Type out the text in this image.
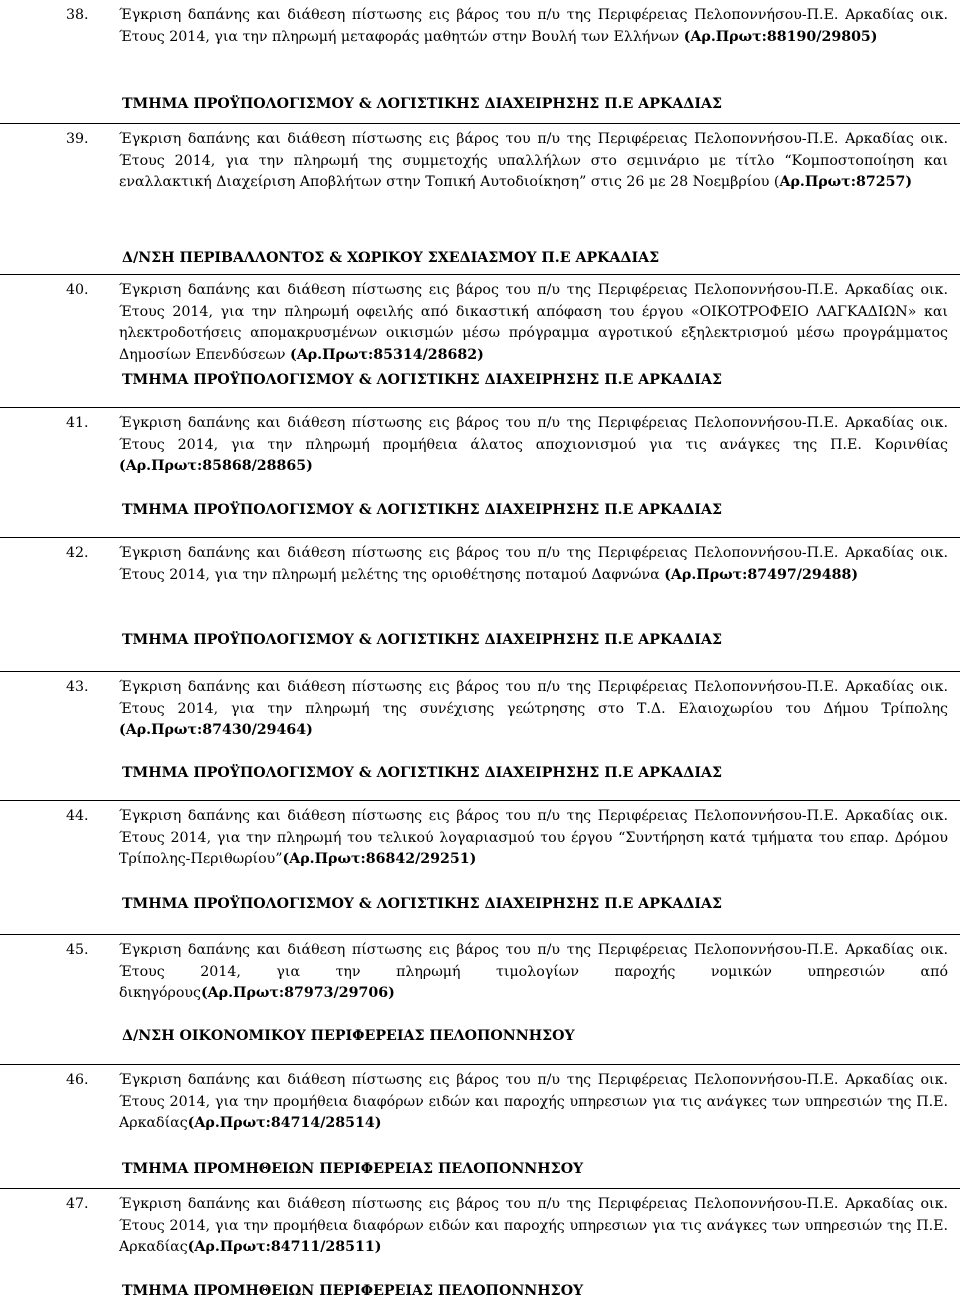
38. Έγκριση δαπάνης και διάθεση πίστωσης εις βάρος του π/υ της Περιφέρειας Πελοποννήσου-Π.Ε. Αρκαδίας οικ. Έτους 2014, για την πληρωμή μεταφοράς μαθητών στην Βουλή των Ελλήνων (Αρ.Πρωτ:88190/29805)

ΤΜΗΜΑ ΠΡΟΫΠΟΛΟΓΙΣΜΟΥ & ΛΟΓΙΣΤΙΚΗΣ ΔΙΑΧΕΙΡΗΣΗΣ Π.Ε ΑΡΚΑΔΙΑΣ
39. Έγκριση δαπάνης και διάθεση πίστωσης εις βάρος του π/υ της Περιφέρειας Πελοποννήσου-Π.Ε. Αρκαδίας οικ. Έτους 2014, για την πληρωμή της συμμετοχής υπαλλήλων στο σεμινάριο με τίτλο “Κομποστοποίηση και εναλλακτική Διαχείριση Αποβλήτων στην Τοπική Αυτοδιοίκηση” στις 26 με 28 Νοεμβρίου (Αρ.Πρωτ:87257)

Δ/ΝΣΗ ΠΕΡΙΒΑΛΛΟΝΤΟΣ & ΧΩΡΙΚΟΥ ΣΧΕΔΙΑΣΜΟΥ Π.Ε ΑΡΚΑΔΙΑΣ
40. Έγκριση δαπάνης και διάθεση πίστωσης εις βάρος του π/υ της Περιφέρειας Πελοποννήσου-Π.Ε. Αρκαδίας οικ. Έτους 2014, για την πληρωμή οφειλής από δικαστική απόφαση του έργου «ΟΙΚΟΤΡΟΦΕΙΟ ΛΑΓΚΑΔΙΩΝ» και ηλεκτροδοτήσεις απομακρυσμένων οικισμών μέσω πρόγραμμα αγροτικού εξηλεκτρισμού μέσω προγράμματος Δημοσίων Επενδύσεων (Αρ.Πρωτ:85314/28682)

ΤΜΗΜΑ ΠΡΟΫΠΟΛΟΓΙΣΜΟΥ & ΛΟΓΙΣΤΙΚΗΣ ΔΙΑΧΕΙΡΗΣΗΣ Π.Ε ΑΡΚΑΔΙΑΣ
41. Έγκριση δαπάνης και διάθεση πίστωσης εις βάρος του π/υ της Περιφέρειας Πελοποννήσου-Π.Ε. Αρκαδίας οικ. Έτους 2014, για την πληρωμή προμήθεια άλατος αποχιονισμού για τις ανάγκες της Π.Ε. Κορινθίας (Αρ.Πρωτ:85868/28865)

ΤΜΗΜΑ ΠΡΟΫΠΟΛΟΓΙΣΜΟΥ & ΛΟΓΙΣΤΙΚΗΣ ΔΙΑΧΕΙΡΗΣΗΣ Π.Ε ΑΡΚΑΔΙΑΣ
42. Έγκριση δαπάνης και διάθεση πίστωσης εις βάρος του π/υ της Περιφέρειας Πελοποννήσου-Π.Ε. Αρκαδίας οικ. Έτους 2014, για την πληρωμή μελέτης της οριοθέτησης ποταμού Δαφνώνα (Αρ.Πρωτ:87497/29488)

ΤΜΗΜΑ ΠΡΟΫΠΟΛΟΓΙΣΜΟΥ & ΛΟΓΙΣΤΙΚΗΣ ΔΙΑΧΕΙΡΗΣΗΣ Π.Ε ΑΡΚΑΔΙΑΣ
43. Έγκριση δαπάνης και διάθεση πίστωσης εις βάρος του π/υ της Περιφέρειας Πελοποννήσου-Π.Ε. Αρκαδίας οικ. Έτους 2014, για την πληρωμή της συνέχισης γεώτρησης στο Τ.Δ. Ελαιοχωρίου του Δήμου Τρίπολης (Αρ.Πρωτ:87430/29464)

ΤΜΗΜΑ ΠΡΟΫΠΟΛΟΓΙΣΜΟΥ & ΛΟΓΙΣΤΙΚΗΣ ΔΙΑΧΕΙΡΗΣΗΣ Π.Ε ΑΡΚΑΔΙΑΣ
44. Έγκριση δαπάνης και διάθεση πίστωσης εις βάρος του π/υ της Περιφέρειας Πελοποννήσου-Π.Ε. Αρκαδίας οικ. Έτους 2014, για την πληρωμή του τελικού λογαριασμού του έργου “Συντήρηση κατά τμήματα του επαρ. Δρόμου Τρίπολης-Περιθωρίου”(Αρ.Πρωτ:86842/29251)

ΤΜΗΜΑ ΠΡΟΫΠΟΛΟΓΙΣΜΟΥ & ΛΟΓΙΣΤΙΚΗΣ ΔΙΑΧΕΙΡΗΣΗΣ Π.Ε ΑΡΚΑΔΙΑΣ
45. Έγκριση δαπάνης και διάθεση πίστωσης εις βάρος του π/υ της Περιφέρειας Πελοποννήσου-Π.Ε. Αρκαδίας οικ. Έτους 2014, για την πληρωμή τιμολογίων παροχής νομικών υπηρεσιών από δικηγόρους(Αρ.Πρωτ:87973/29706)

Δ/ΝΣΗ ΟΙΚΟΝΟΜΙΚΟΥ ΠΕΡΙΦΕΡΕΙΑΣ ΠΕΛΟΠΟΝΝΗΣΟΥ
46. Έγκριση δαπάνης και διάθεση πίστωσης εις βάρος του π/υ της Περιφέρειας Πελοποννήσου-Π.Ε. Αρκαδίας οικ. Έτους 2014, για την προμήθεια διαφόρων ειδών και παροχής υπηρεσιων για τις ανάγκες των υπηρεσιών της Π.Ε. Αρκαδίας(Αρ.Πρωτ:84714/28514)

ΤΜΗΜΑ ΠΡΟΜΗΘΕΙΩΝ ΠΕΡΙΦΕΡΕΙΑΣ ΠΕΛΟΠΟΝΝΗΣΟΥ
47. Έγκριση δαπάνης και διάθεση πίστωσης εις βάρος του π/υ της Περιφέρειας Πελοποννήσου-Π.Ε. Αρκαδίας οικ. Έτους 2014, για την προμήθεια διαφόρων ειδών και παροχής υπηρεσιων για τις ανάγκες των υπηρεσιών της Π.Ε. Αρκαδίας(Αρ.Πρωτ:84711/28511)

ΤΜΗΜΑ ΠΡΟΜΗΘΕΙΩΝ ΠΕΡΙΦΕΡΕΙΑΣ ΠΕΛΟΠΟΝΝΗΣΟΥ
